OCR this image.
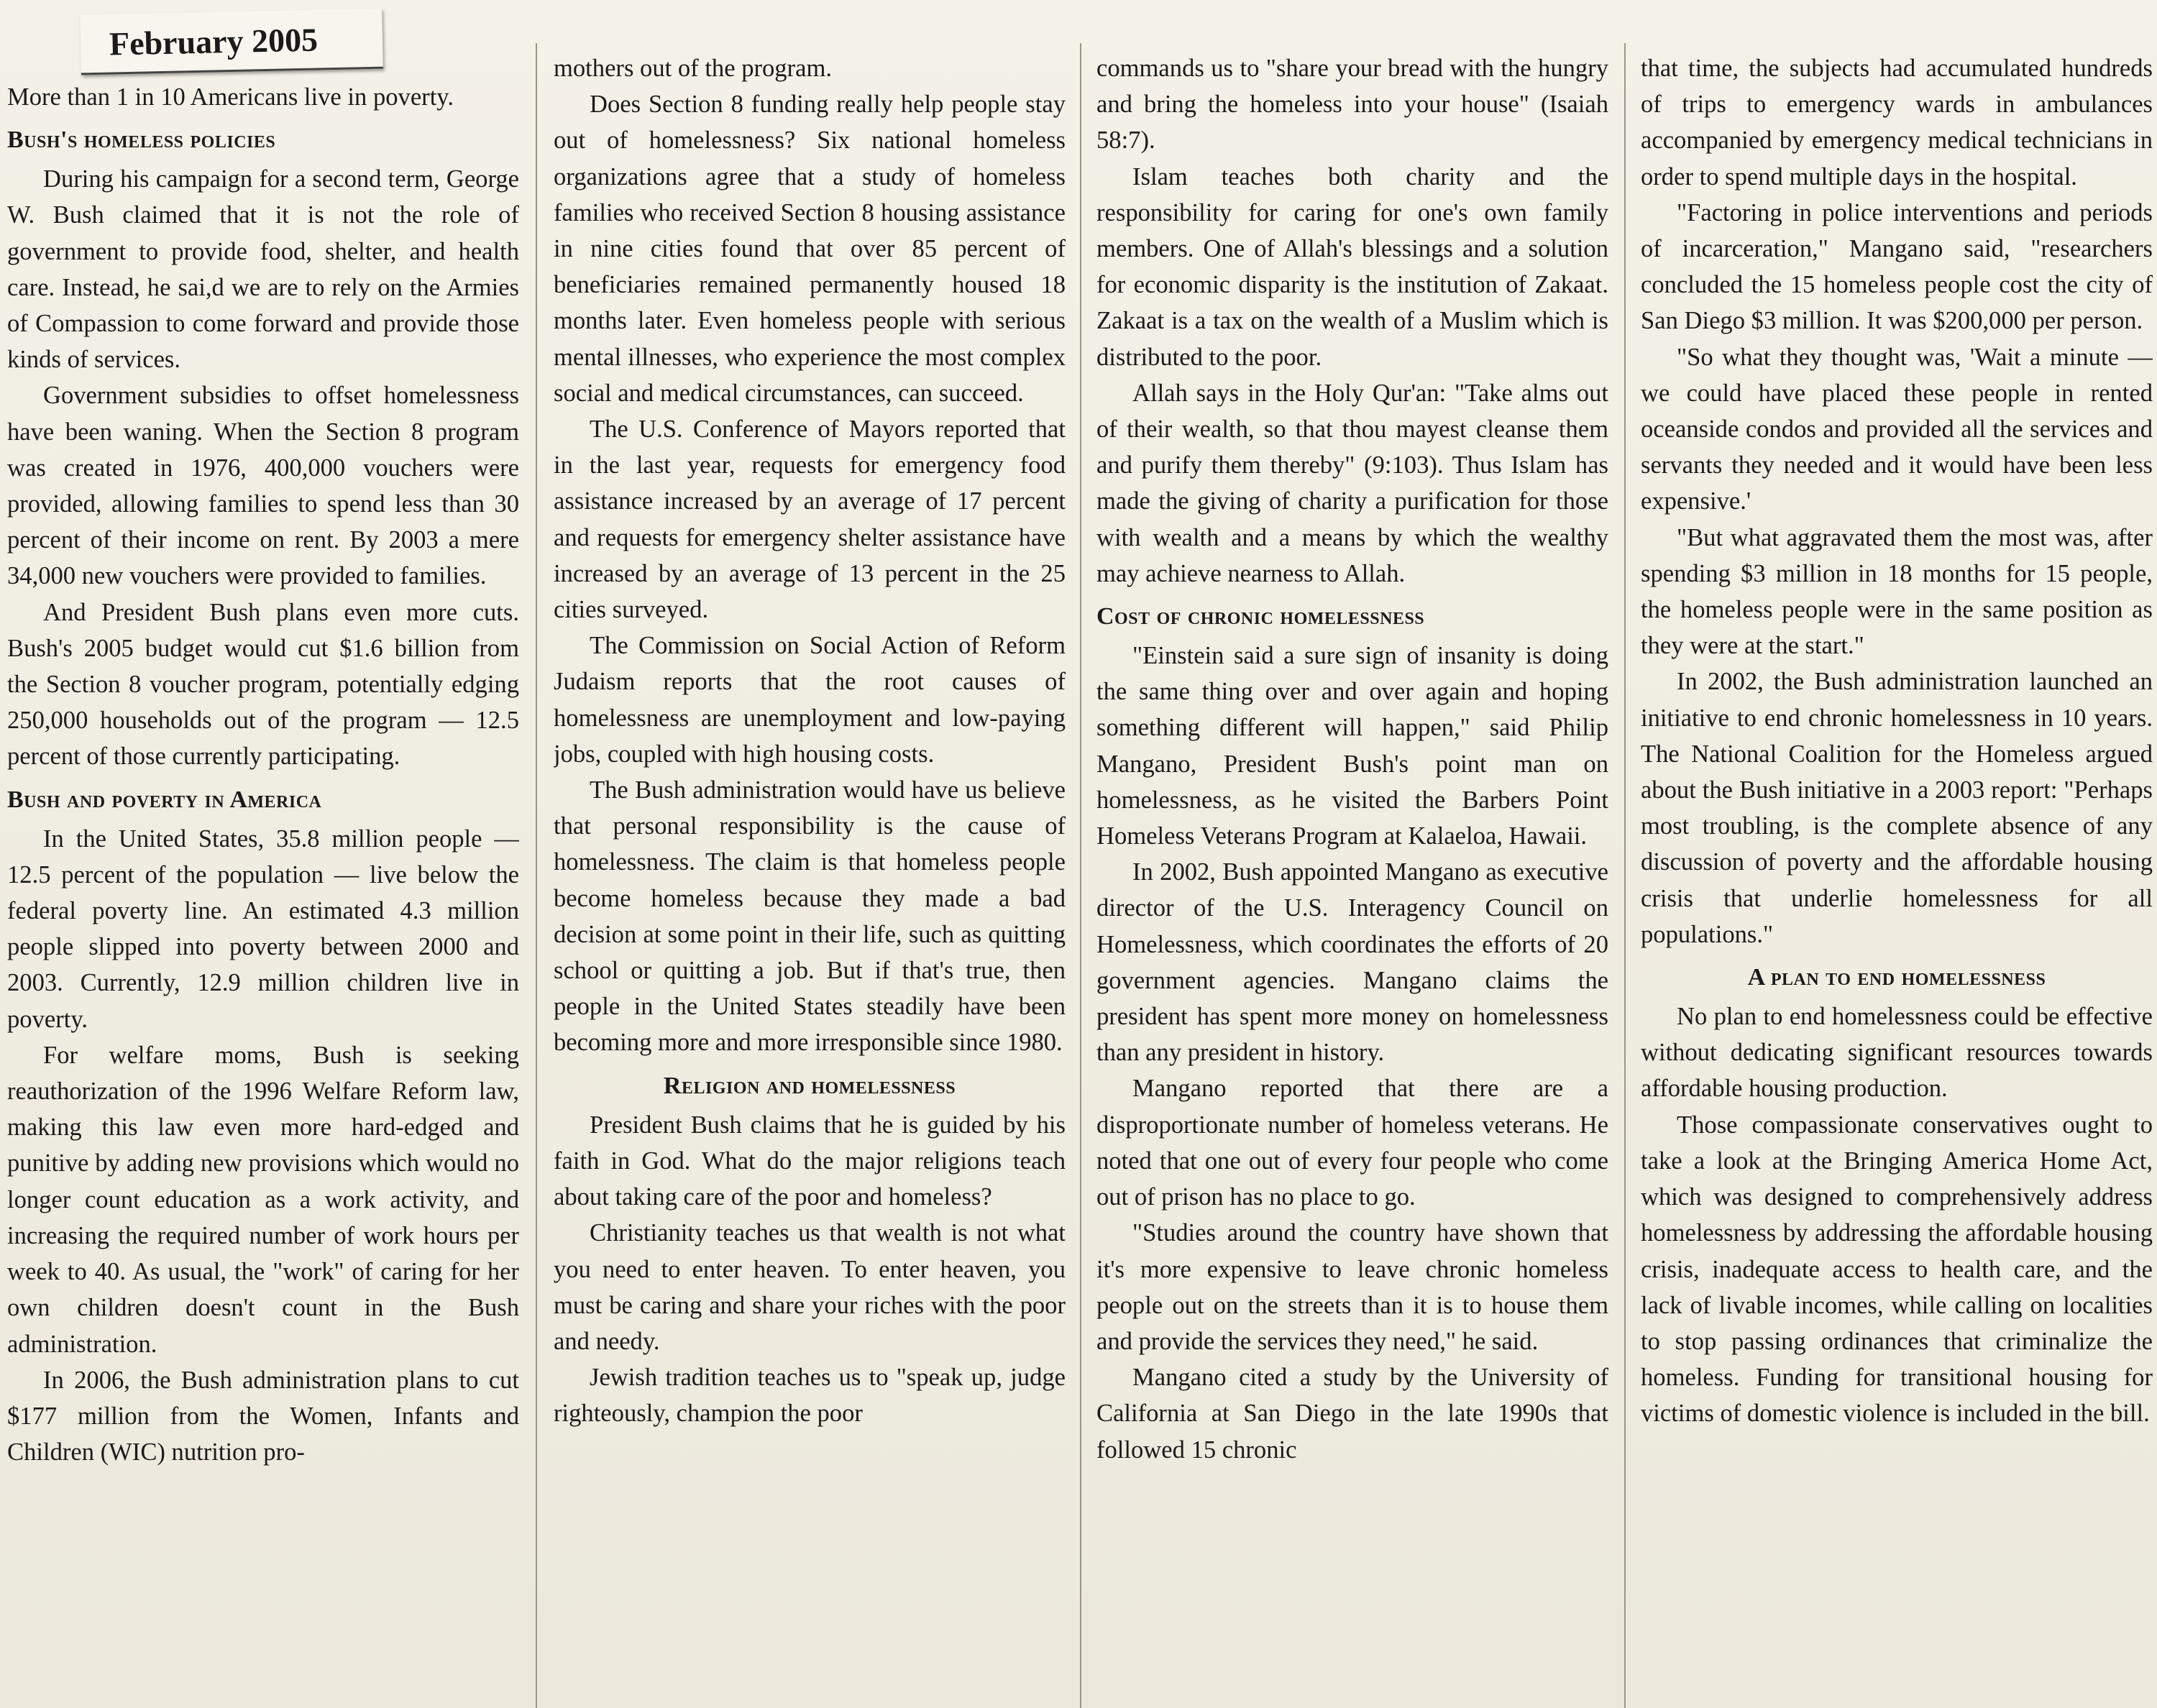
February 2005

More than 1 in 10 Americans live in poverty.

Bush's homeless policies

During his campaign for a second term, George W. Bush claimed that it is not the role of government to provide food, shelter, and health care. Instead, he sai,d we are to rely on the Armies of Compassion to come forward and provide those kinds of services.

Government subsidies to offset homelessness have been waning. When the Section 8 program was created in 1976, 400,000 vouchers were provided, allowing families to spend less than 30 percent of their income on rent. By 2003 a mere 34,000 new vouchers were provided to families.

And President Bush plans even more cuts. Bush's 2005 budget would cut $1.6 billion from the Section 8 voucher program, potentially edging 250,000 households out of the program — 12.5 percent of those currently participating.

Bush and poverty in America

In the United States, 35.8 million people — 12.5 percent of the population — live below the federal poverty line. An estimated 4.3 million people slipped into poverty between 2000 and 2003. Currently, 12.9 million children live in poverty.

For welfare moms, Bush is seeking reauthorization of the 1996 Welfare Reform law, making this law even more hard-edged and punitive by adding new provisions which would no longer count education as a work activity, and increasing the required number of work hours per week to 40. As usual, the "work" of caring for her own children doesn't count in the Bush administration.

In 2006, the Bush administration plans to cut $177 million from the Women, Infants and Children (WIC) nutrition pro-

mothers out of the program.

Does Section 8 funding really help people stay out of homelessness? Six national homeless organizations agree that a study of homeless families who received Section 8 housing assistance in nine cities found that over 85 percent of beneficiaries remained permanently housed 18 months later. Even homeless people with serious mental illnesses, who experience the most complex social and medical circumstances, can succeed.

The U.S. Conference of Mayors reported that in the last year, requests for emergency food assistance increased by an average of 17 percent and requests for emergency shelter assistance have increased by an average of 13 percent in the 25 cities surveyed.

The Commission on Social Action of Reform Judaism reports that the root causes of homelessness are unemployment and low-paying jobs, coupled with high housing costs.

The Bush administration would have us believe that personal responsibility is the cause of homelessness. The claim is that homeless people become homeless because they made a bad decision at some point in their life, such as quitting school or quitting a job. But if that's true, then people in the United States steadily have been becoming more and more irresponsible since 1980.

Religion and homelessness

President Bush claims that he is guided by his faith in God. What do the major religions teach about taking care of the poor and homeless?

Christianity teaches us that wealth is not what you need to enter heaven. To enter heaven, you must be caring and share your riches with the poor and needy.

Jewish tradition teaches us to "speak up, judge righteously, champion the poor

commands us to "share your bread with the hungry and bring the homeless into your house" (Isaiah 58:7).

Islam teaches both charity and the responsibility for caring for one's own family members. One of Allah's blessings and a solution for economic disparity is the institution of Zakaat. Zakaat is a tax on the wealth of a Muslim which is distributed to the poor.

Allah says in the Holy Qur'an: "Take alms out of their wealth, so that thou mayest cleanse them and purify them thereby" (9:103). Thus Islam has made the giving of charity a purification for those with wealth and a means by which the wealthy may achieve nearness to Allah.

Cost of chronic homelessness

"Einstein said a sure sign of insanity is doing the same thing over and over again and hoping something different will happen," said Philip Mangano, President Bush's point man on homelessness, as he visited the Barbers Point Homeless Veterans Program at Kalaeloa, Hawaii.

In 2002, Bush appointed Mangano as executive director of the U.S. Interagency Council on Homelessness, which coordinates the efforts of 20 government agencies. Mangano claims the president has spent more money on homelessness than any president in history.

Mangano reported that there are a disproportionate number of homeless veterans. He noted that one out of every four people who come out of prison has no place to go.

"Studies around the country have shown that it's more expensive to leave chronic homeless people out on the streets than it is to house them and provide the services they need," he said.

Mangano cited a study by the University of California at San Diego in the late 1990s that followed 15 chronic

that time, the subjects had accumulated hundreds of trips to emergency wards in ambulances accompanied by emergency medical technicians in order to spend multiple days in the hospital.

"Factoring in police interventions and periods of incarceration," Mangano said, "researchers concluded the 15 homeless people cost the city of San Diego $3 million. It was $200,000 per person.

"So what they thought was, 'Wait a minute — we could have placed these people in rented oceanside condos and provided all the services and servants they needed and it would have been less expensive.'

"But what aggravated them the most was, after spending $3 million in 18 months for 15 people, the homeless people were in the same position as they were at the start."

In 2002, the Bush administration launched an initiative to end chronic homelessness in 10 years. The National Coalition for the Homeless argued about the Bush initiative in a 2003 report: "Perhaps most troubling, is the complete absence of any discussion of poverty and the affordable housing crisis that underlie homelessness for all populations."

A plan to end homelessness

No plan to end homelessness could be effective without dedicating significant resources towards affordable housing production.

Those compassionate conservatives ought to take a look at the Bringing America Home Act, which was designed to comprehensively address homelessness by addressing the affordable housing crisis, inadequate access to health care, and the lack of livable incomes, while calling on localities to stop passing ordinances that criminalize the homeless. Funding for transitional housing for victims of domestic violence is included in the bill.
